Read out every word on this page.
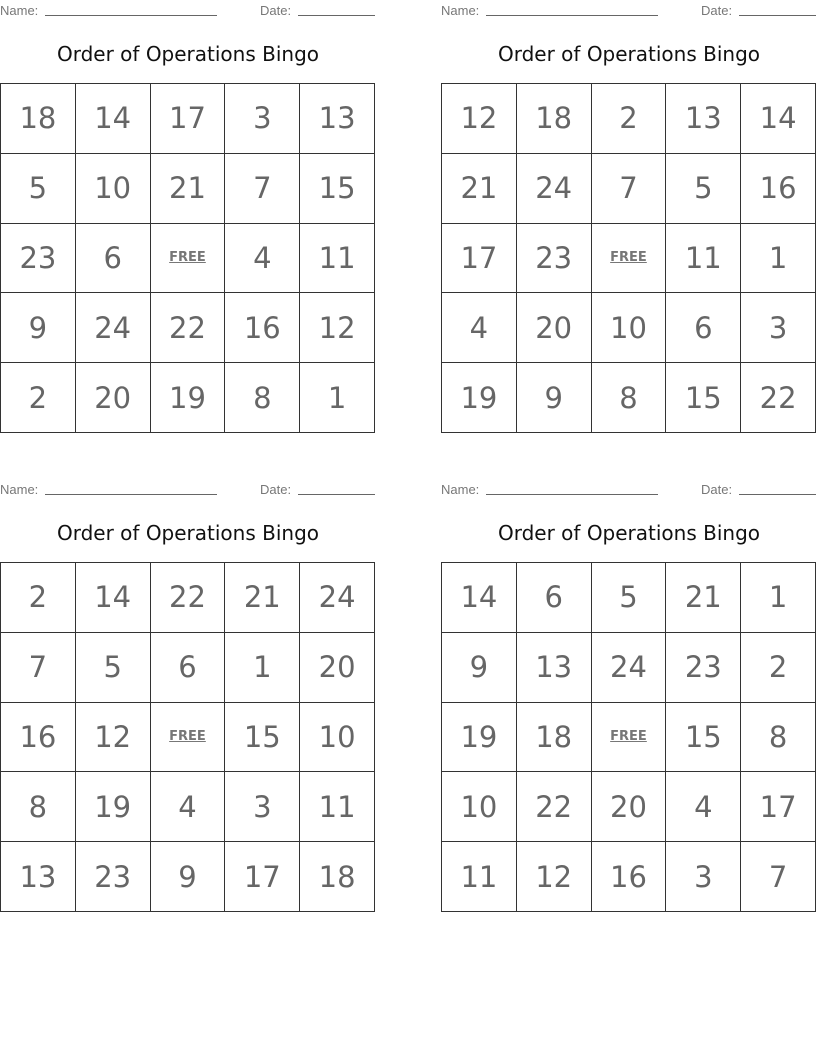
Name:	Date:
Order of Operations Bingo
18	14	17	3	13
5	10	21	7	15
23	6	FREE	4	11
9	24	22	16	12
2	20	19	8	1
Name:	Date:
Order of Operations Bingo
12	18	2	13	14
21	24	7	5	16
17	23	FREE	11	1
4	20	10	6	3
19	9	8	15	22
Name:	Date:
Order of Operations Bingo
2	14	22	21	24
7	5	6	1	20
16	12	FREE	15	10
8	19	4	3	11
13	23	9	17	18
Name:	Date:
Order of Operations Bingo
14	6	5	21	1
9	13	24	23	2
19	18	FREE	15	8
10	22	20	4	17
11	12	16	3	7
